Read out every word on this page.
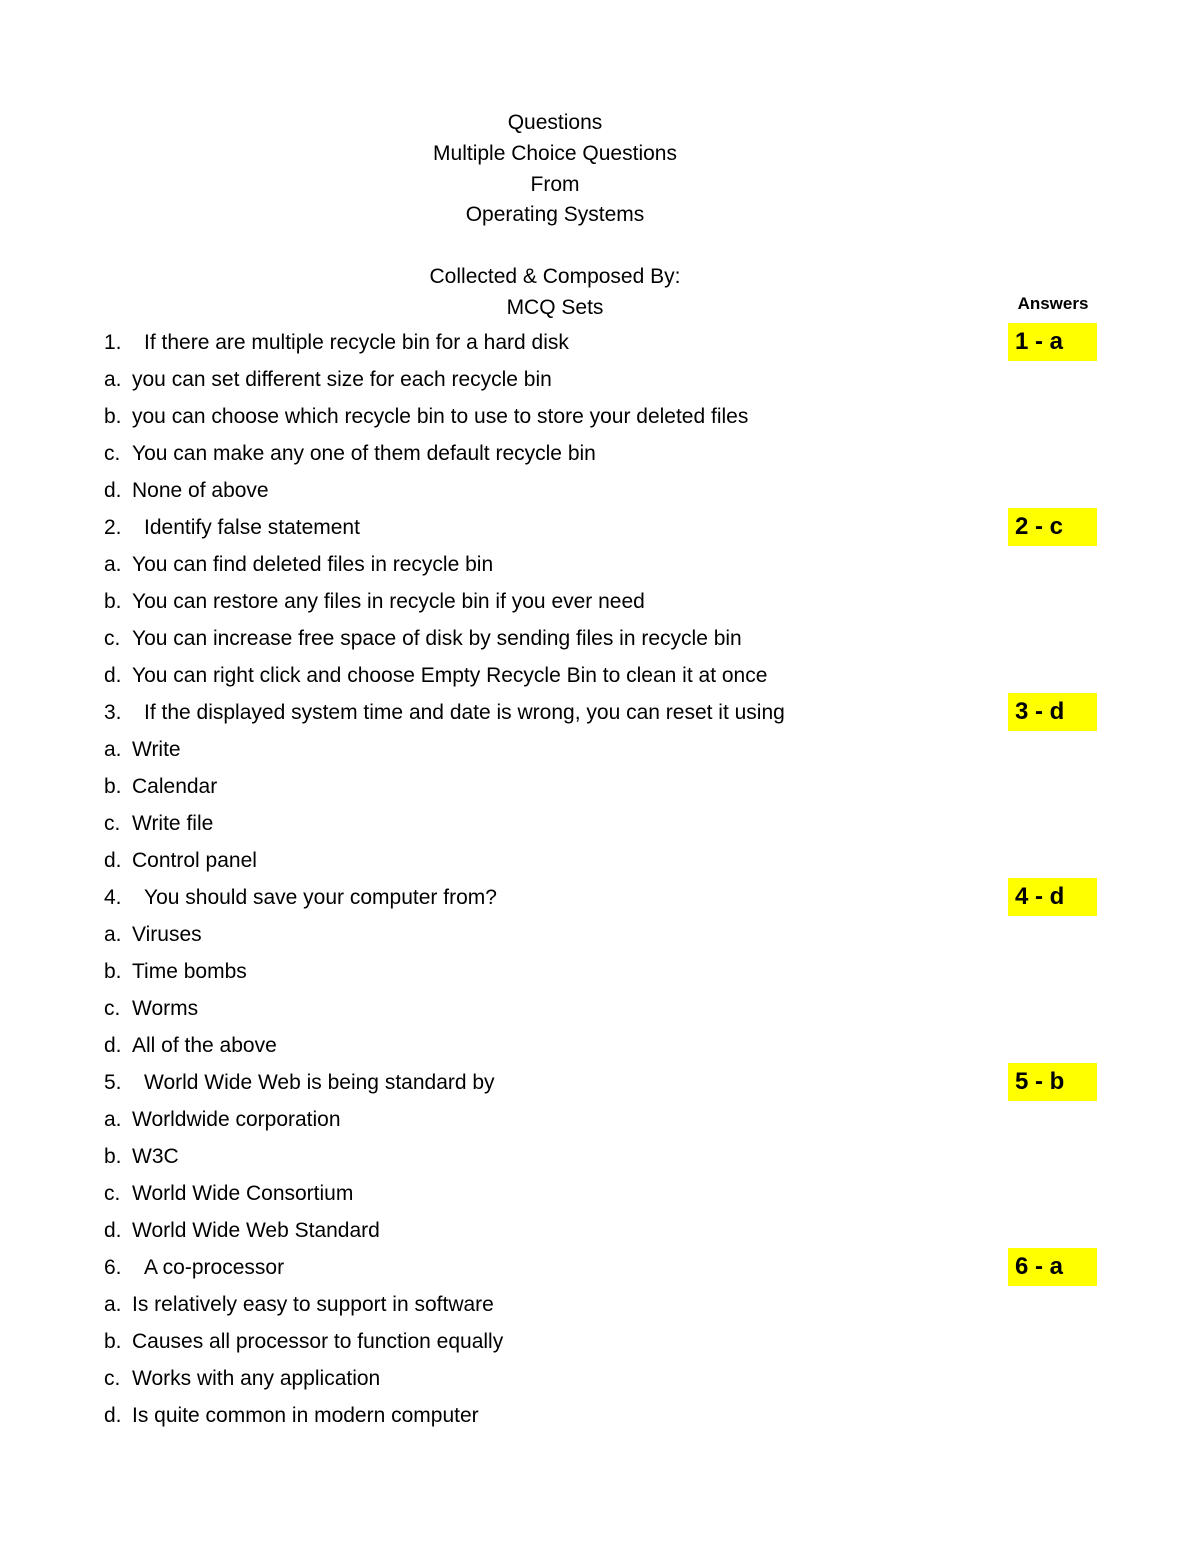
Questions
Multiple Choice Questions
From
Operating Systems
Collected & Composed By:
MCQ Sets	Answers
1. If there are multiple recycle bin for a hard disk
a. you can set different size for each recycle bin
b. you can choose which recycle bin to use to store your deleted files
c. You can make any one of them default recycle bin
d. None of above
2. Identify false statement
a. You can find deleted files in recycle bin
b. You can restore any files in recycle bin if you ever need
c. You can increase free space of disk by sending files in recycle bin
d. You can right click and choose Empty Recycle Bin to clean it at once
3. If the displayed system time and date is wrong, you can reset it using
a. Write
b. Calendar
c. Write file
d. Control panel
4. You should save your computer from?
a. Viruses
b. Time bombs
c. Worms
d. All of the above
5. World Wide Web is being standard by
a. Worldwide corporation
b. W3C
c. World Wide Consortium
d. World Wide Web Standard
6. A co-processor
a. Is relatively easy to support in software
b. Causes all processor to function equally
c. Works with any application
d. Is quite common in modern computer
1 - a
2 - c
3 - d
4 - d
5 - b
6 - a
